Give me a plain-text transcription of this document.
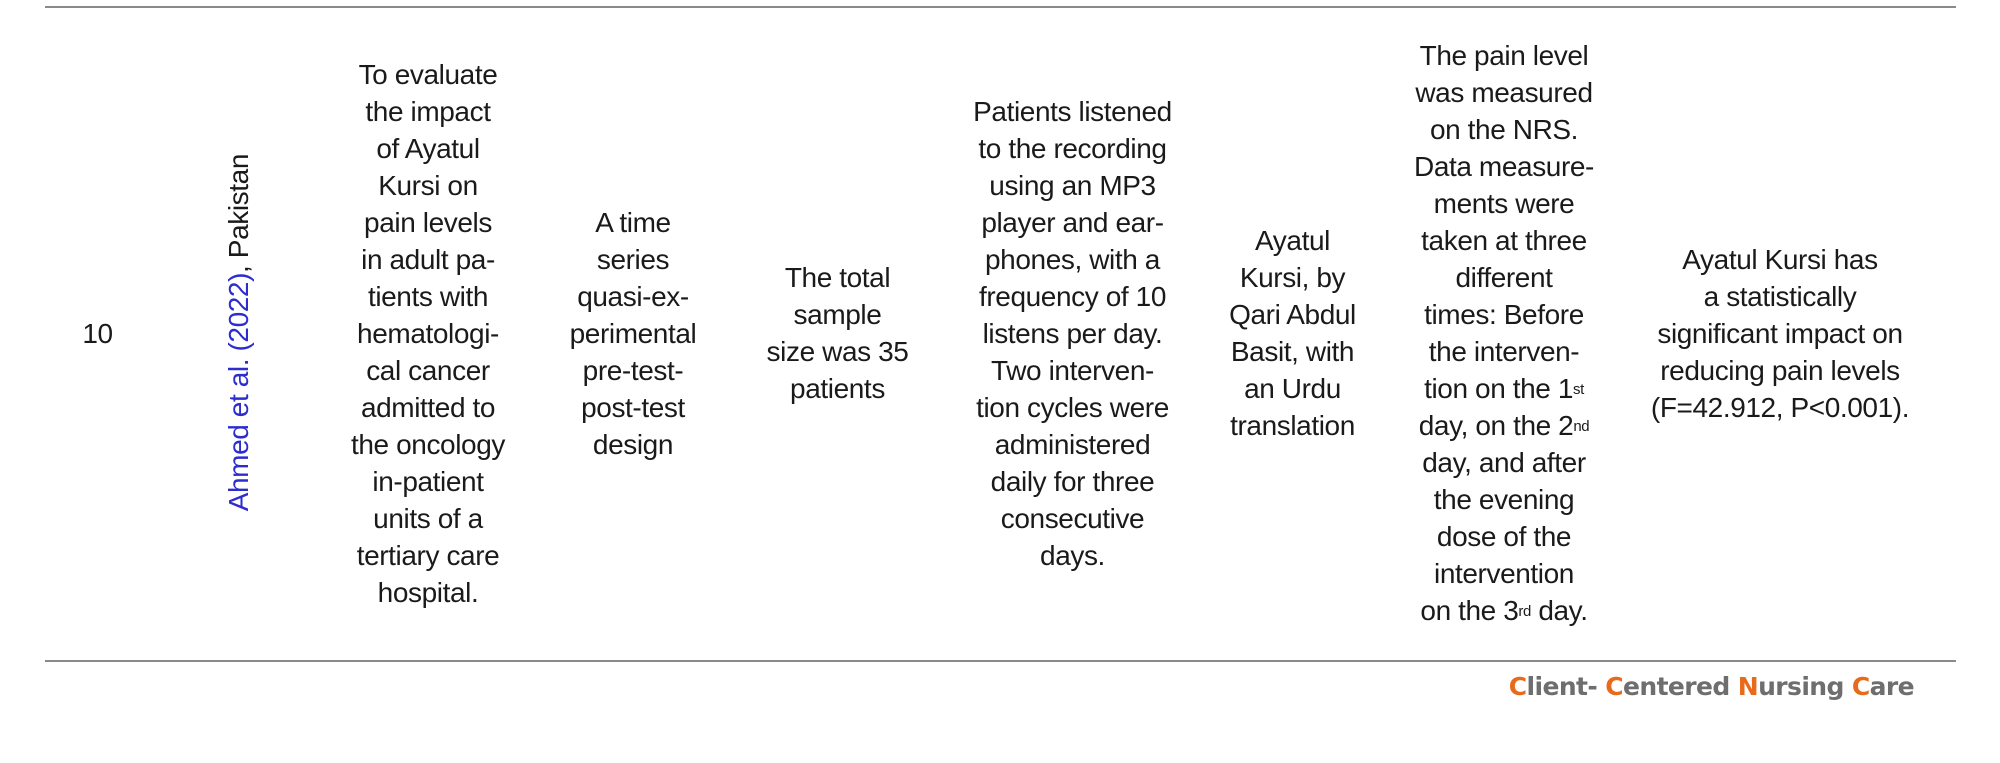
10	Ahmed et al. (2022), Pakistan

To evaluate
the impact
of Ayatul
Kursi on
pain levels
in adult pa-
tients with
hematologi-
cal cancer
admitted to
the oncology
in-patient
units of a
tertiary care
hospital.

A time
series
quasi-ex-
perimental
pre-test-
post-test
design

The total
sample
size was 35
patients

Patients listened
to the recording
using an MP3
player and ear-
phones, with a
frequency of 10
listens per day.
Two interven-
tion cycles were
administered
daily for three
consecutive
days.

Ayatul
Kursi, by
Qari Abdul
Basit, with
an Urdu
translation

The pain level
was measured
on the NRS.
Data measure-
ments were
taken at three
different
times: Before
the interven-
tion on the 1st
day, on the 2nd
day, and after
the evening
dose of the
intervention
on the 3rd day.

Ayatul Kursi has
a statistically
significant impact on
reducing pain levels
(F=42.912, P<0.001).

Client- Centered Nursing Care
